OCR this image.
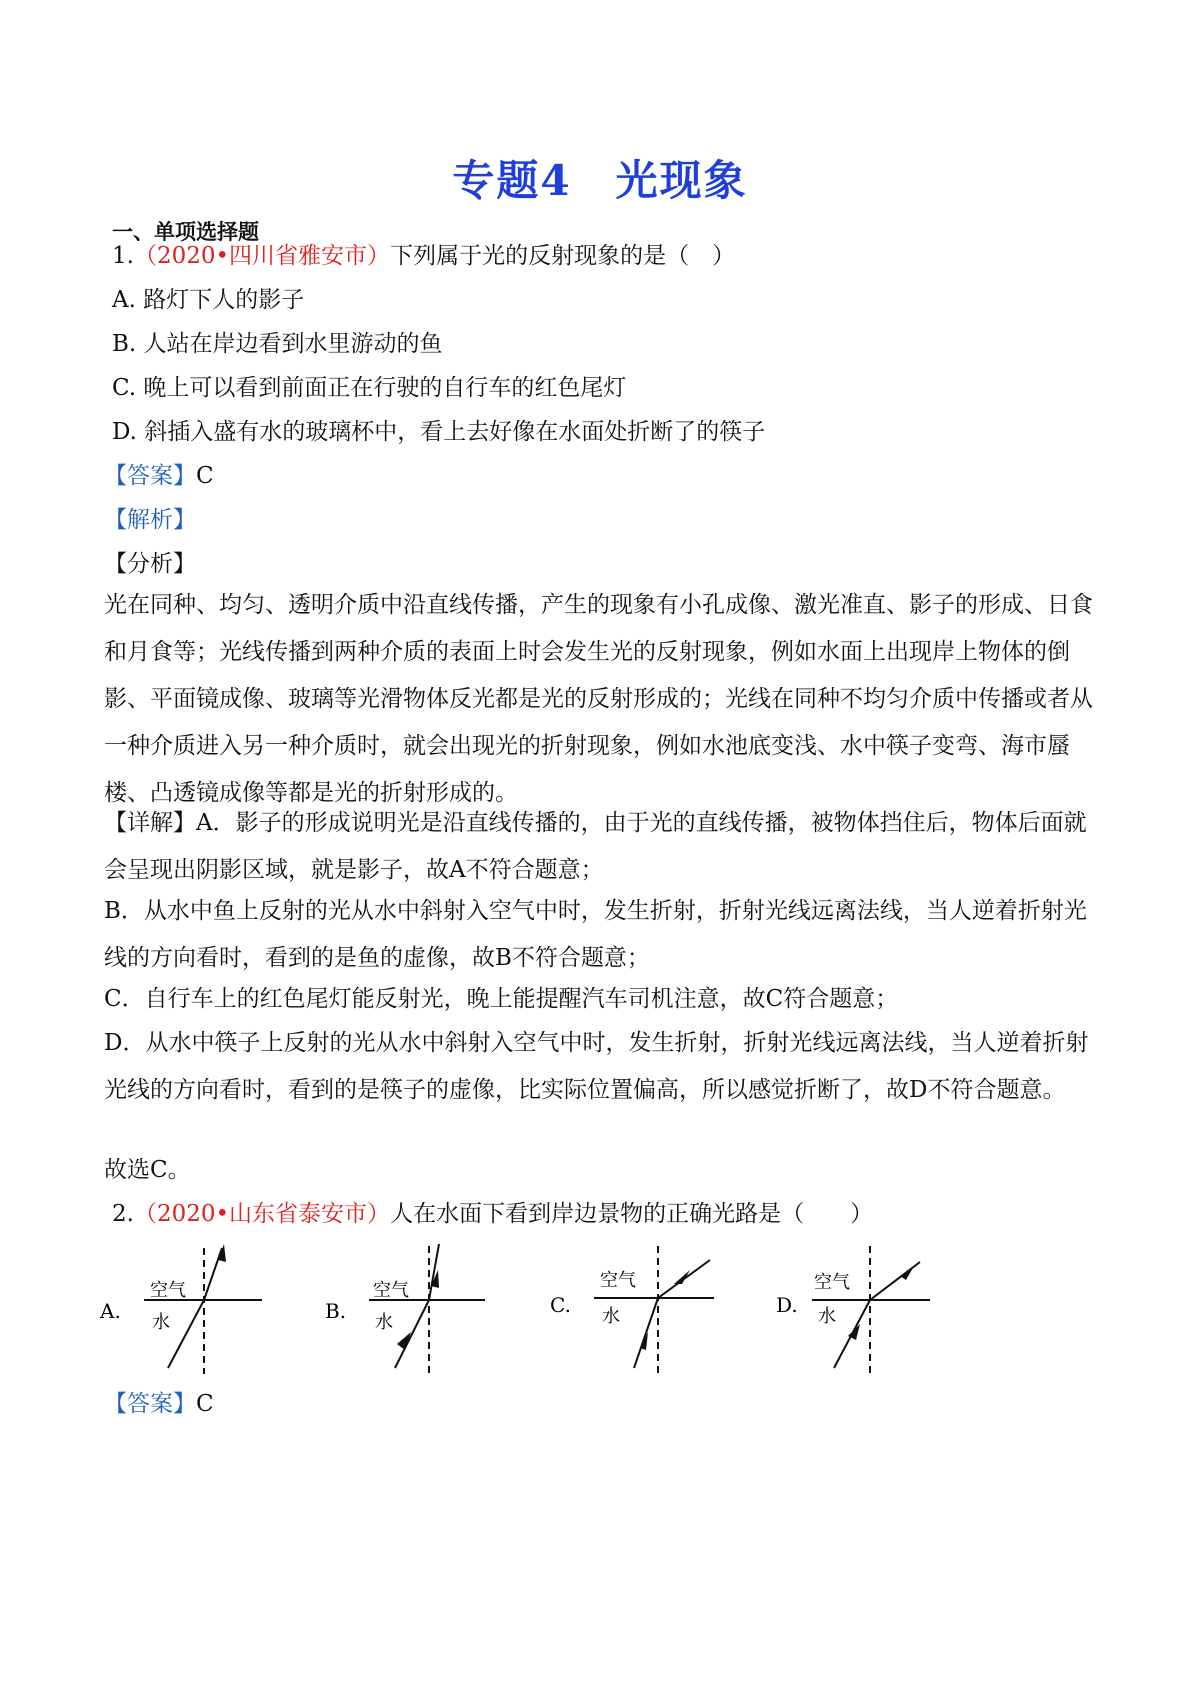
专题4 光现象
一、单项选择题
1.（2020•四川省雅安市）下列属于光的反射现象的是（　）
A. 路灯下人的影子
B. 人站在岸边看到水里游动的鱼
C. 晚上可以看到前面正在行驶的自行车的红色尾灯
D. 斜插入盛有水的玻璃杯中，看上去好像在水面处折断了的筷子
【答案】C
【解析】
【分析】
光在同种、均匀、透明介质中沿直线传播，产生的现象有小孔成像、激光准直、影子的形成、日食和月食等；光线传播到两种介质的表面上时会发生光的反射现象，例如水面上出现岸上物体的倒影、平面镜成像、玻璃等光滑物体反光都是光的反射形成的；光线在同种不均匀介质中传播或者从一种介质进入另一种介质时，就会出现光的折射现象，例如水池底变浅、水中筷子变弯、海市蜃楼、凸透镜成像等都是光的折射形成的。
【详解】A．影子的形成说明光是沿直线传播的，由于光的直线传播，被物体挡住后，物体后面就会呈现出阴影区域，就是影子，故A不符合题意；
B．从水中鱼上反射的光从水中斜射入空气中时，发生折射，折射光线远离法线，当人逆着折射光线的方向看时，看到的是鱼的虚像，故B不符合题意；
C．自行车上的红色尾灯能反射光，晚上能提醒汽车司机注意，故C符合题意；
D．从水中筷子上反射的光从水中斜射入空气中时，发生折射，折射光线远离法线，当人逆着折射光线的方向看时，看到的是筷子的虚像，比实际位置偏高，所以感觉折断了，故D不符合题意。
故选C。
2.（2020•山东省泰安市）人在水面下看到岸边景物的正确光路是（　　）
A.
空气
水	B.
空气
水
C.
空气
水	D.
空气
水
【答案】C
